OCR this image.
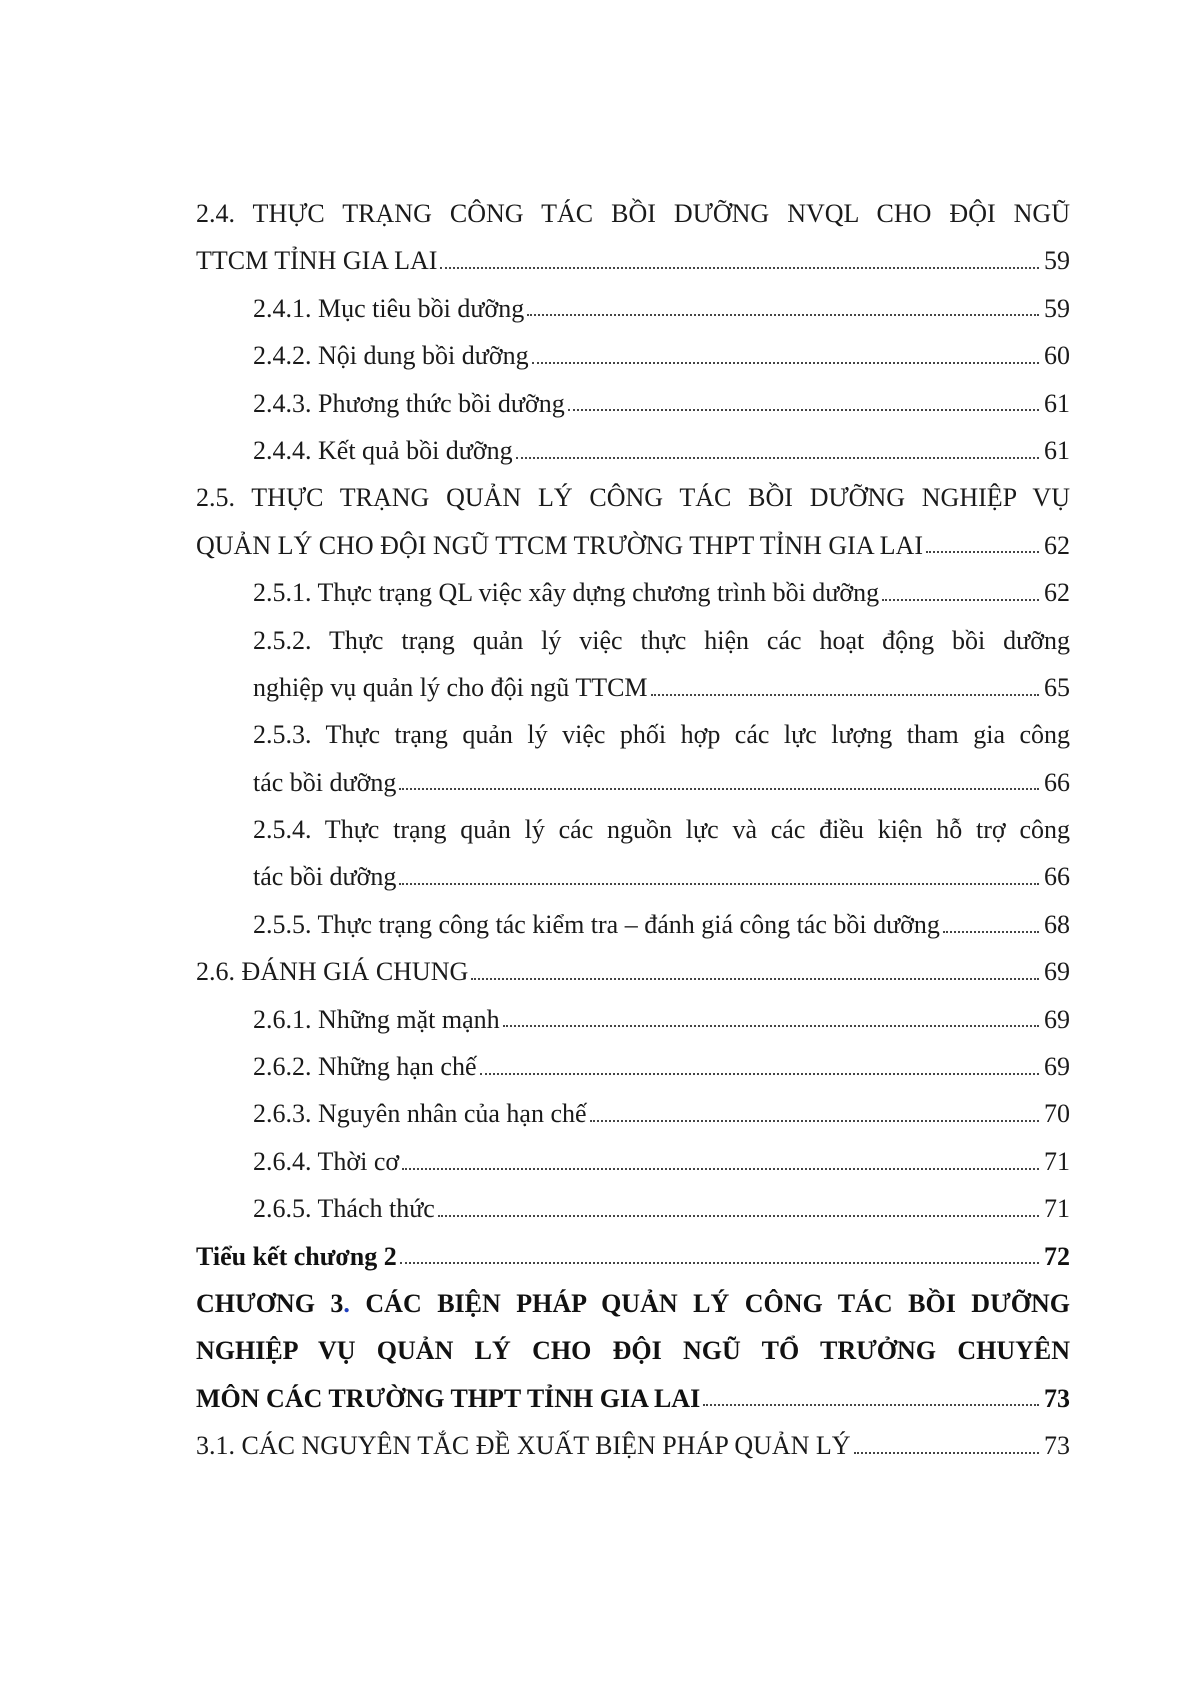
2.4. THỰC TRẠNG CÔNG TÁC BỒI DƯỠNG NVQL CHO ĐỘI NGŨ
TTCM TỈNH GIA LAI	59
2.4.1. Mục tiêu bồi dưỡng	59
2.4.2. Nội dung bồi dưỡng	60
2.4.3. Phương thức bồi dưỡng	61
2.4.4. Kết quả bồi dưỡng	61
2.5. THỰC TRẠNG QUẢN LÝ CÔNG TÁC BỒI DƯỠNG NGHIỆP VỤ
QUẢN LÝ CHO ĐỘI NGŨ TTCM TRƯỜNG THPT TỈNH GIA LAI	62
2.5.1. Thực trạng QL việc xây dựng chương trình bồi dưỡng	62
2.5.2. Thực trạng quản lý việc thực hiện các hoạt động bồi dưỡng
nghiệp vụ quản lý cho đội ngũ TTCM	65
2.5.3. Thực trạng quản lý việc phối hợp các lực lượng tham gia công
tác bồi dưỡng	66
2.5.4. Thực trạng quản lý các nguồn lực và các điều kiện hỗ trợ công
tác bồi dưỡng	66
2.5.5. Thực trạng công tác kiểm tra – đánh giá công tác bồi dưỡng	68
2.6. ĐÁNH GIÁ CHUNG	69
2.6.1. Những mặt mạnh	69
2.6.2. Những hạn chế	69
2.6.3. Nguyên nhân của hạn chế	70
2.6.4. Thời cơ	71
2.6.5. Thách thức	71
Tiểu kết chương 2	72
CHƯƠNG 3. CÁC BIỆN PHÁP QUẢN LÝ CÔNG TÁC BỒI DƯỠNG
NGHIỆP VỤ QUẢN LÝ CHO ĐỘI NGŨ TỔ TRƯỞNG CHUYÊN
MÔN CÁC TRƯỜNG THPT TỈNH GIA LAI	73
3.1. CÁC NGUYÊN TẮC ĐỀ XUẤT BIỆN PHÁP QUẢN LÝ	73
